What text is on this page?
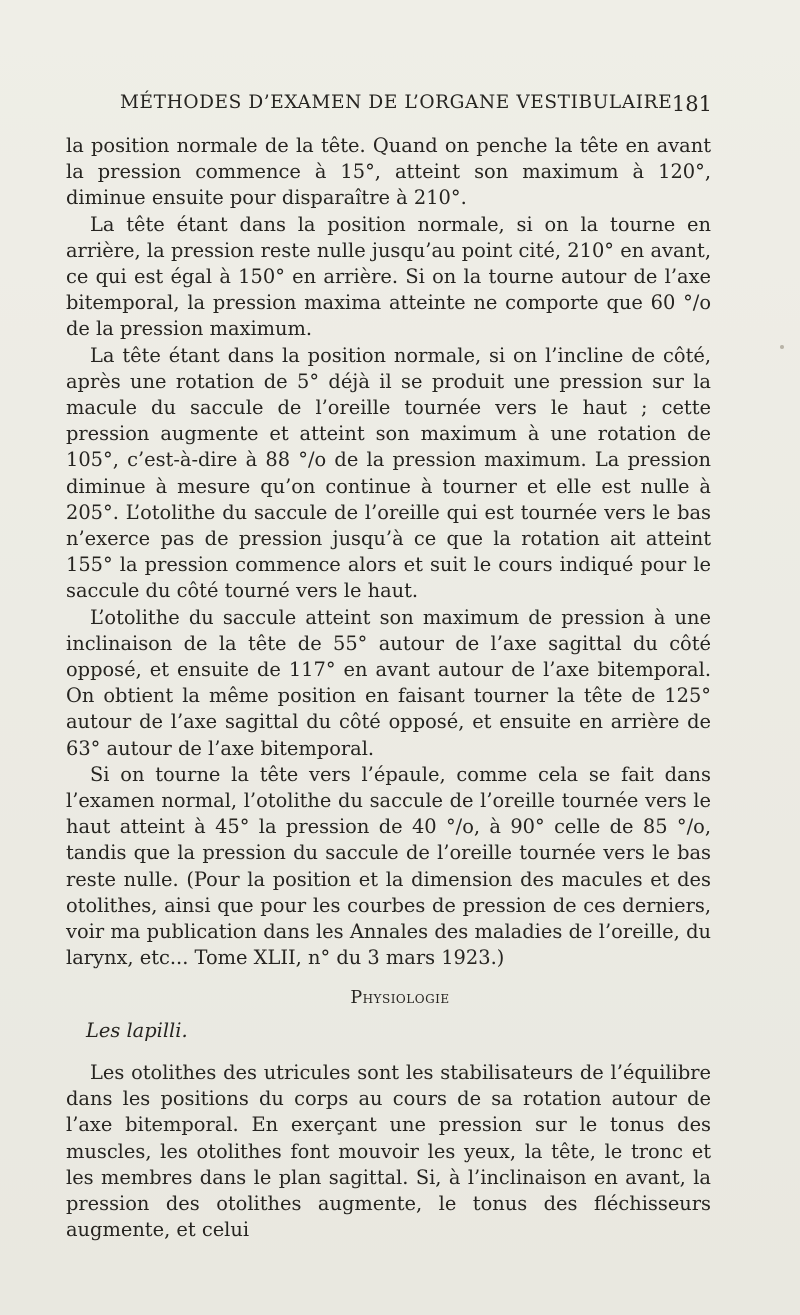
MÉTHODES D’EXAMEN DE L’ORGANE VESTIBULAIRE 181

la position normale de la tête. Quand on penche la tête en avant la pression commence à 15°, atteint son maximum à 120°, diminue ensuite pour disparaître à 210°.

La tête étant dans la position normale, si on la tourne en arrière, la pression reste nulle jusqu’au point cité, 210° en avant, ce qui est égal à 150° en arrière. Si on la tourne autour de l’axe bitemporal, la pression maxima atteinte ne comporte que 60 °/o de la pression maximum.

La tête étant dans la position normale, si on l’incline de côté, après une rotation de 5° déjà il se produit une pression sur la macule du saccule de l’oreille tournée vers le haut ; cette pression augmente et atteint son maximum à une rotation de 105°, c’est-à-dire à 88 °/o de la pression maximum. La pression diminue à mesure qu’on continue à tourner et elle est nulle à 205°. L’otolithe du saccule de l’oreille qui est tournée vers le bas n’exerce pas de pression jusqu’à ce que la rotation ait atteint 155° la pression commence alors et suit le cours indiqué pour le saccule du côté tourné vers le haut.

L’otolithe du saccule atteint son maximum de pression à une inclinaison de la tête de 55° autour de l’axe sagittal du côté opposé, et ensuite de 117° en avant autour de l’axe bitemporal. On obtient la même position en faisant tourner la tête de 125° autour de l’axe sagittal du côté opposé, et ensuite en arrière de 63° autour de l’axe bitemporal.

Si on tourne la tête vers l’épaule, comme cela se fait dans l’examen normal, l’otolithe du saccule de l’oreille tournée vers le haut atteint à 45° la pression de 40 °/o, à 90° celle de 85 °/o, tandis que la pression du saccule de l’oreille tournée vers le bas reste nulle. (Pour la position et la dimension des macules et des otolithes, ainsi que pour les courbes de pression de ces derniers, voir ma publication dans les Annales des maladies de l’oreille, du larynx, etc... Tome XLII, n° du 3 mars 1923.)

Physiologie
Les lapilli.

Les otolithes des utricules sont les stabilisateurs de l’équilibre dans les positions du corps au cours de sa rotation autour de l’axe bitemporal. En exerçant une pression sur le tonus des muscles, les otolithes font mouvoir les yeux, la tête, le tronc et les membres dans le plan sagittal. Si, à l’inclinaison en avant, la pression des otolithes augmente, le tonus des fléchisseurs augmente, et celui
